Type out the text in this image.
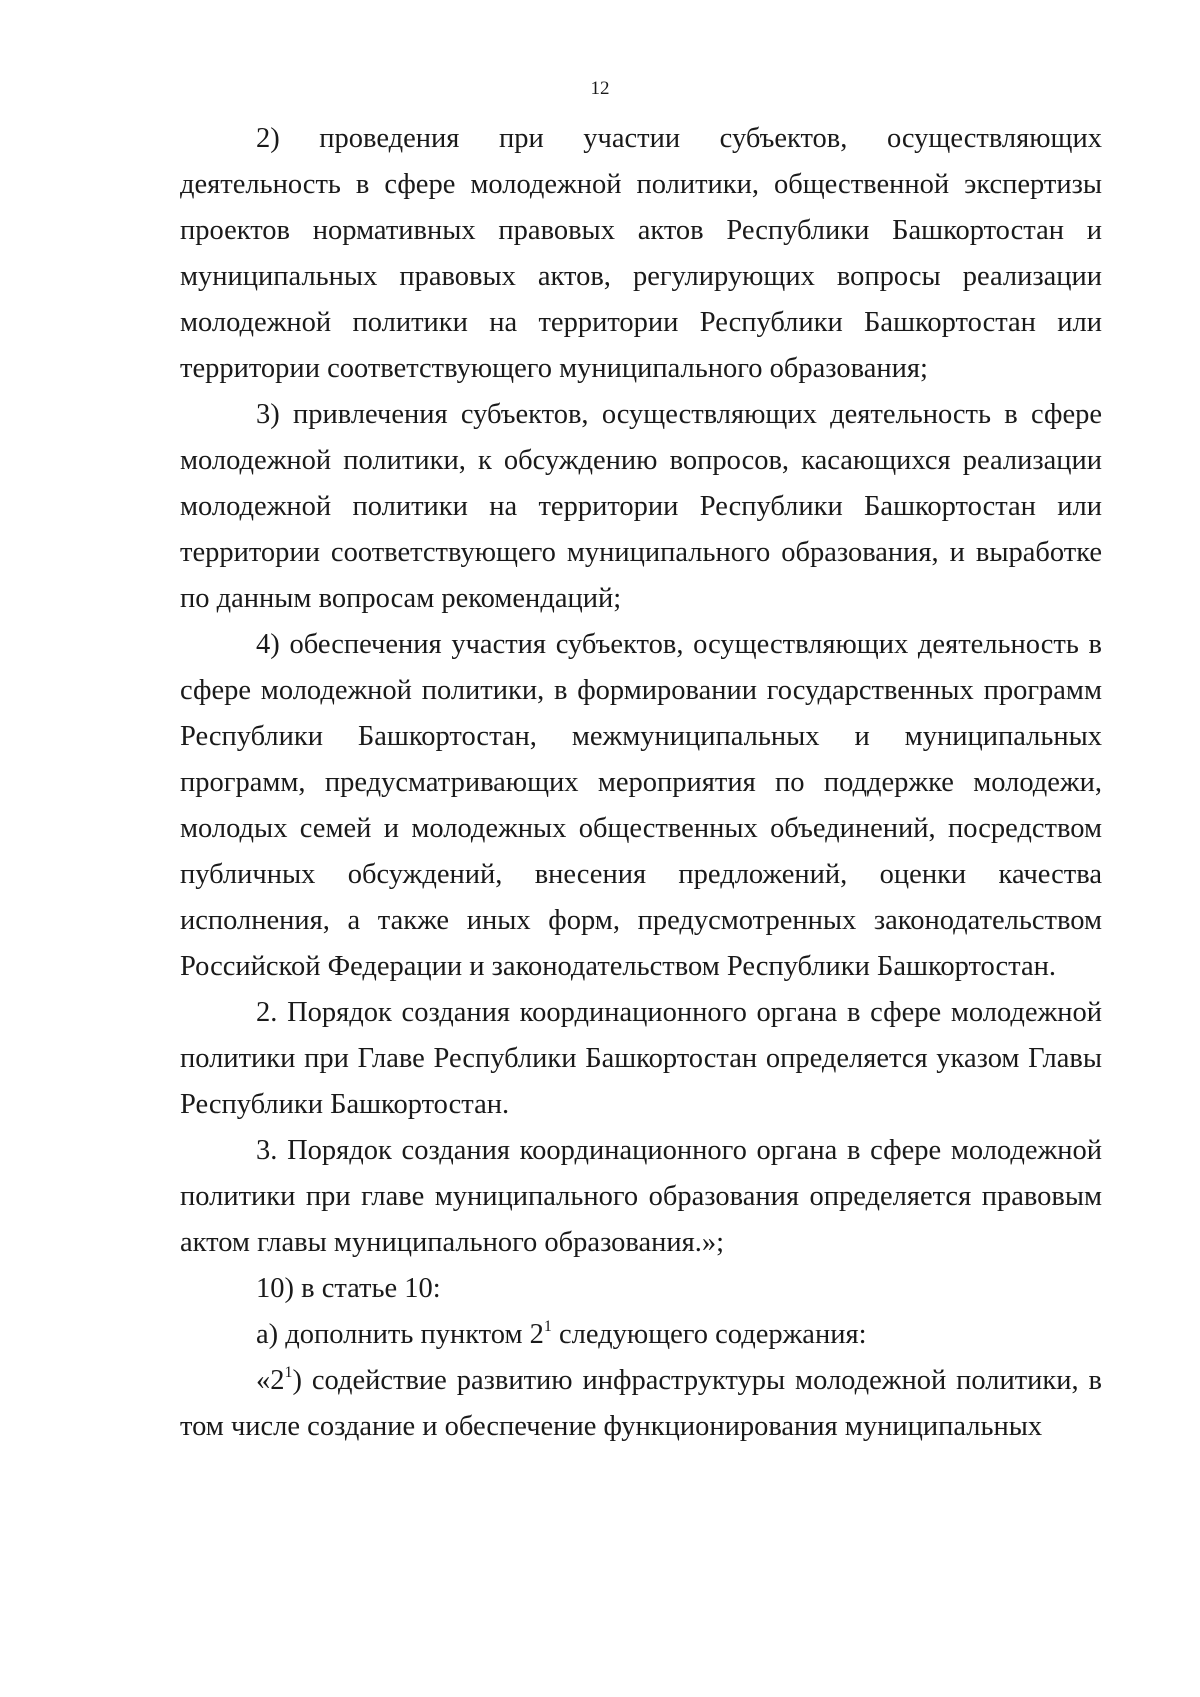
12

2) проведения при участии субъектов, осуществляющих деятельность в сфере молодежной политики, общественной экспертизы проектов нормативных правовых актов Республики Башкортостан и муниципальных правовых актов, регулирующих вопросы реализации молодежной политики на территории Республики Башкортостан или территории соответствующего муниципального образования;

3) привлечения субъектов, осуществляющих деятельность в сфере молодежной политики, к обсуждению вопросов, касающихся реализации молодежной политики на территории Республики Башкортостан или территории соответствующего муниципального образования, и выработке по данным вопросам рекомендаций;

4) обеспечения участия субъектов, осуществляющих деятельность в сфере молодежной политики, в формировании государственных программ Республики Башкортостан, межмуниципальных и муниципальных программ, предусматривающих мероприятия по поддержке молодежи, молодых семей и молодежных общественных объединений, посредством публичных обсуждений, внесения предложений, оценки качества исполнения, а также иных форм, предусмотренных законодательством Российской Федерации и законодательством Республики Башкортостан.

2. Порядок создания координационного органа в сфере молодежной политики при Главе Республики Башкортостан определяется указом Главы Республики Башкортостан.

3. Порядок создания координационного органа в сфере молодежной политики при главе муниципального образования определяется правовым актом главы муниципального образования.»;

10) в статье 10:

а) дополнить пунктом $2^1$ следующего содержания:

«$2^1$) содействие развитию инфраструктуры молодежной политики, в том числе создание и обеспечение функционирования муниципальных
